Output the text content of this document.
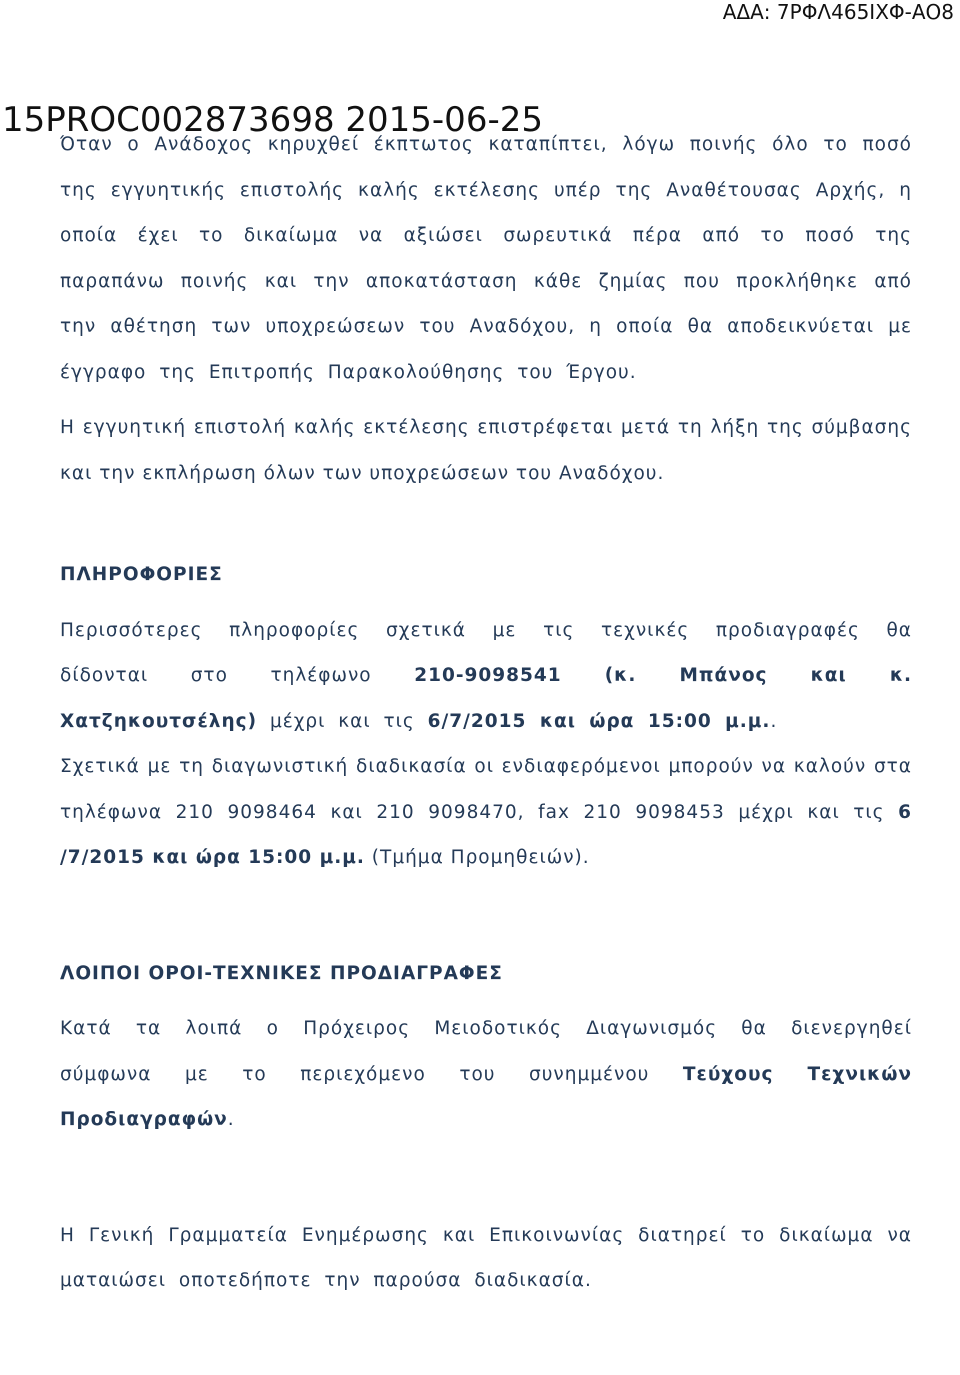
ΑΔΑ: 7ΡΦΛ465ΙΧΦ-ΑΟ8
15PROC002873698 2015-06-25

Όταν ο Ανάδοχος κηρυχθεί έκπτωτος καταπίπτει, λόγω ποινής όλο το ποσό της εγγυητικής επιστολής καλής εκτέλεσης υπέρ της Αναθέτουσας Αρχής, η οποία έχει το δικαίωμα να αξιώσει σωρευτικά πέρα από το ποσό της παραπάνω ποινής και την αποκατάσταση κάθε ζημίας που προκλήθηκε από την αθέτηση των υποχρεώσεων του Αναδόχου, η οποία θα αποδεικνύεται με έγγραφο της Επιτροπής Παρακολούθησης του Έργου.

Η εγγυητική επιστολή καλής εκτέλεσης επιστρέφεται μετά τη λήξη της σύμβασης και την εκπλήρωση όλων των υποχρεώσεων του Αναδόχου.

ΠΛΗΡΟΦΟΡΙΕΣ

Περισσότερες πληροφορίες σχετικά με τις τεχνικές προδιαγραφές θα δίδονται στο τηλέφωνο 210-9098541 (κ. Μπάνος και κ. Χατζηκουτσέλης) μέχρι και τις 6/7/2015 και ώρα 15:00 μ.μ..

Σχετικά με τη διαγωνιστική διαδικασία οι ενδιαφερόμενοι μπορούν να καλούν στα τηλέφωνα 210 9098464 και 210 9098470, fax 210 9098453 μέχρι και τις 6 /7/2015 και ώρα 15:00 μ.μ. (Τμήμα Προμηθειών).

ΛΟΙΠΟΙ ΟΡΟΙ-ΤΕΧΝΙΚΕΣ ΠΡΟΔΙΑΓΡΑΦΕΣ

Κατά τα λοιπά ο Πρόχειρος Μειοδοτικός Διαγωνισμός θα διενεργηθεί σύμφωνα με το περιεχόμενο του συνημμένου Τεύχους Τεχνικών Προδιαγραφών.

Η Γενική Γραμματεία Ενημέρωσης και Επικοινωνίας διατηρεί το δικαίωμα να ματαιώσει οποτεδήποτε την παρούσα διαδικασία.
